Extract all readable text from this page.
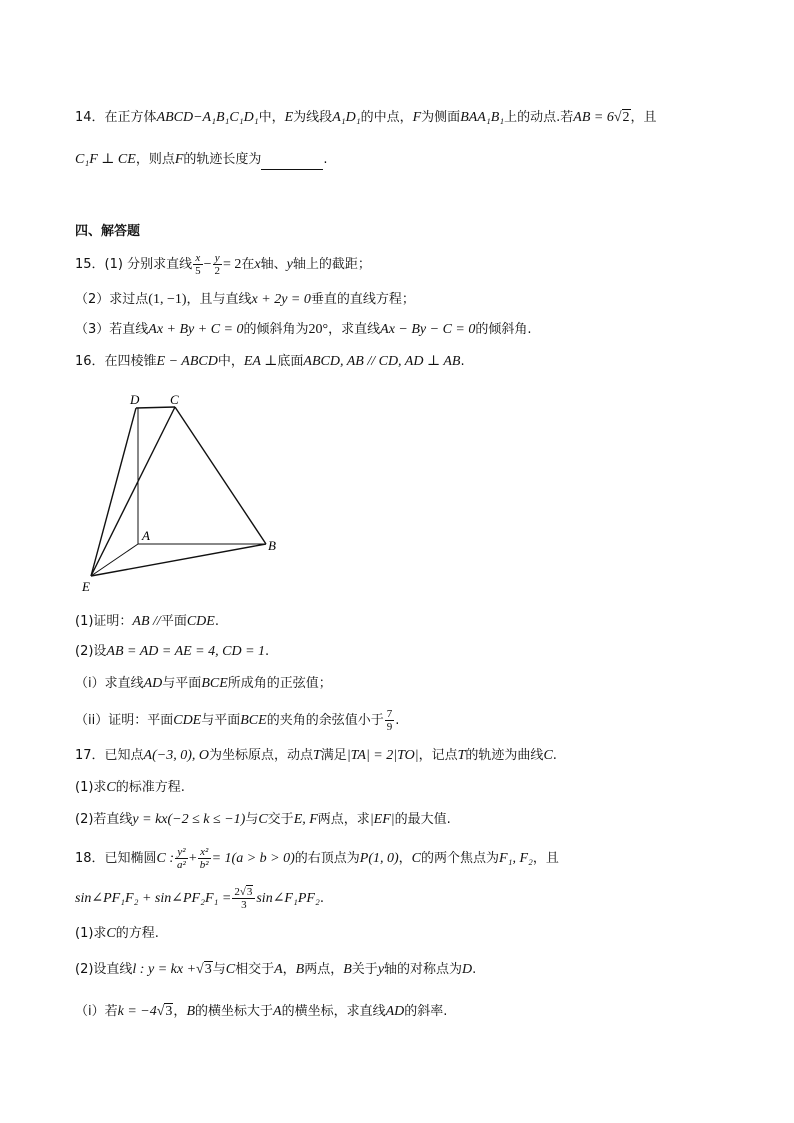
14．在正方体ABCD−A₁B₁C₁D₁中，E为线段A₁D₁的中点，F为侧面BAA₁B₁上的动点.若AB = 6√2，且
C₁F ⊥ CE，则点F的轨迹长度为	.
四、解答题
15．(1) 分别求直线 $\frac{x}{5} - \frac{y}{2} = 2$在x轴、y轴上的截距；
（2）求过点(1, −1)，且与直线x + 2y = 0垂直的直线方程；
（3）若直线Ax + By + C = 0的倾斜角为20°，求直线Ax − By − C = 0的倾斜角.
16．在四棱锥E − ABCD中，EA ⊥底面ABCD, AB // CD, AD ⊥ AB.
D C
A
B
E
(1)证明：AB //平面CDE.
(2)设AB = AD = AE = 4, CD = 1.
（i）求直线AD与平面BCE所成角的正弦值；
（ii）证明：平面CDE与平面BCE的夹角的余弦值小于 $\frac{7}{9}$ .
17．已知点A(−3, 0), O为坐标原点，动点T满足|TA| = 2|TO|，记点T的轨迹为曲线C.
(1)求C的标准方程.
(2)若直线y = kx(−2 ≤ k ≤ −1)与C交于E, F两点，求|EF|的最大值.
18．已知椭圆C : $\frac{\text{y²}}{\text{a²}} + \frac{\text{x²}}{\text{b²}} = 1(a > b > 0)$的右顶点为P(1, 0)，C的两个焦点为F₁, F₂，且
sin∠PF₁F₂ + sin∠PF₂F₁ = $\frac{2√3}{3}$ sin∠F₁PF₂.
(1)求C的方程.
(2)设直线l : y = kx +√3与C相交于A，B两点，B关于y轴的对称点为D.
（i）若k = −4√3，B的横坐标大于A的横坐标，求直线AD的斜率.
